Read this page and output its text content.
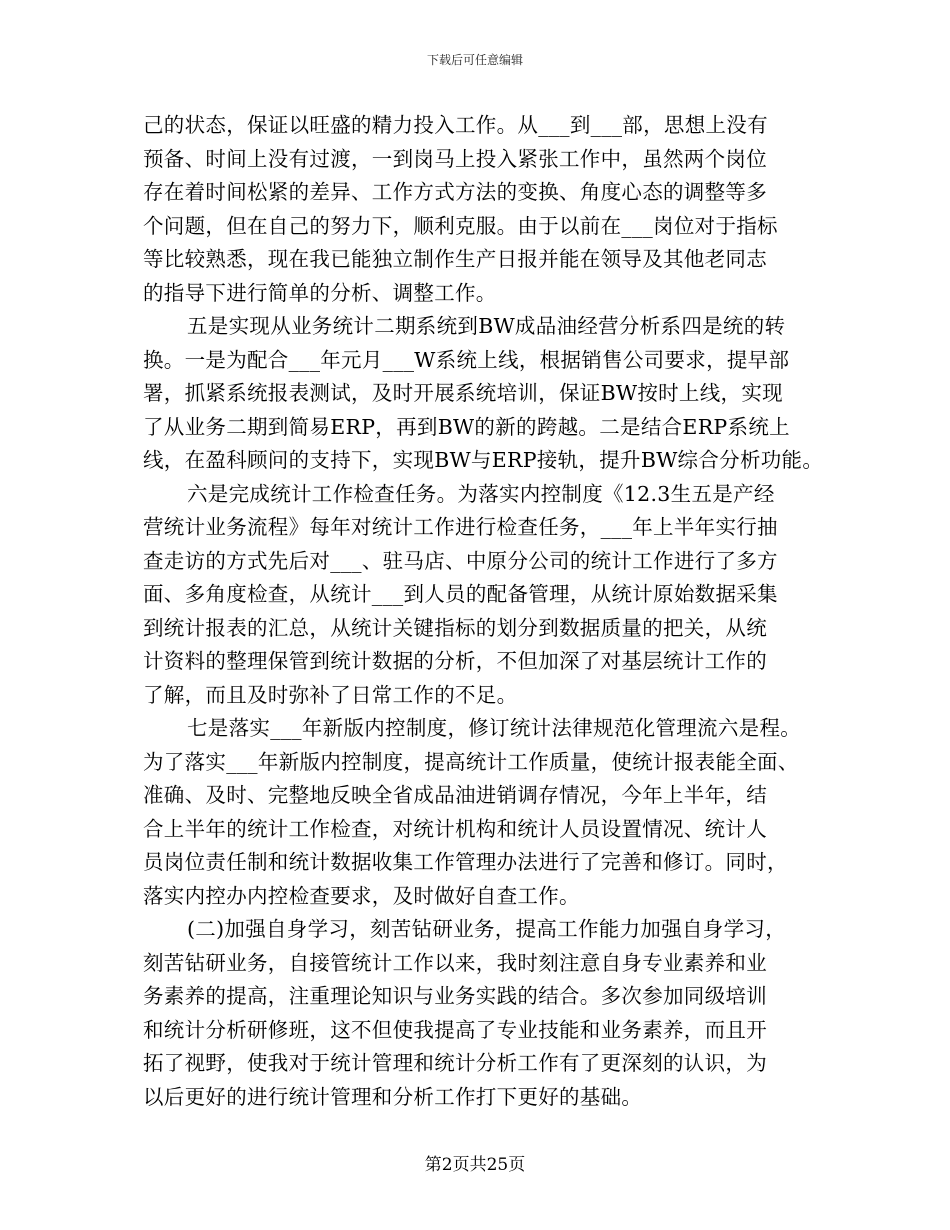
下载后可任意编辑
己的状态，保证以旺盛的精力投入工作。从___到___部，思想上没有
预备、时间上没有过渡，一到岗马上投入紧张工作中，虽然两个岗位
存在着时间松紧的差异、工作方式方法的变换、角度心态的调整等多
个问题，但在自己的努力下，顺利克服。由于以前在___岗位对于指标
等比较熟悉，现在我已能独立制作生产日报并能在领导及其他老同志
的指导下进行简单的分析、调整工作。
五是实现从业务统计二期系统到BW成品油经营分析系四是统的转
换。一是为配合___年元月___W系统上线，根据销售公司要求，提早部
署，抓紧系统报表测试，及时开展系统培训，保证BW按时上线，实现
了从业务二期到简易ERP，再到BW的新的跨越。二是结合ERP系统上
线，在盈科顾问的支持下，实现BW与ERP接轨，提升BW综合分析功能。
六是完成统计工作检查任务。为落实内控制度《12.3生五是产经
营统计业务流程》每年对统计工作进行检查任务，___年上半年实行抽
查走访的方式先后对___、驻马店、中原分公司的统计工作进行了多方
面、多角度检查，从统计___到人员的配备管理，从统计原始数据采集
到统计报表的汇总，从统计关键指标的划分到数据质量的把关，从统
计资料的整理保管到统计数据的分析，不但加深了对基层统计工作的
了解，而且及时弥补了日常工作的不足。
七是落实___年新版内控制度，修订统计法律规范化管理流六是程。
为了落实___年新版内控制度，提高统计工作质量，使统计报表能全面、
准确、及时、完整地反映全省成品油进销调存情况，今年上半年，结
合上半年的统计工作检查，对统计机构和统计人员设置情况、统计人
员岗位责任制和统计数据收集工作管理办法进行了完善和修订。同时，
落实内控办内控检查要求，及时做好自查工作。
(二)加强自身学习，刻苦钻研业务，提高工作能力加强自身学习，
刻苦钻研业务，自接管统计工作以来，我时刻注意自身专业素养和业
务素养的提高，注重理论知识与业务实践的结合。多次参加同级培训
和统计分析研修班，这不但使我提高了专业技能和业务素养，而且开
拓了视野，使我对于统计管理和统计分析工作有了更深刻的认识，为
以后更好的进行统计管理和分析工作打下更好的基础。
第2页共25页
